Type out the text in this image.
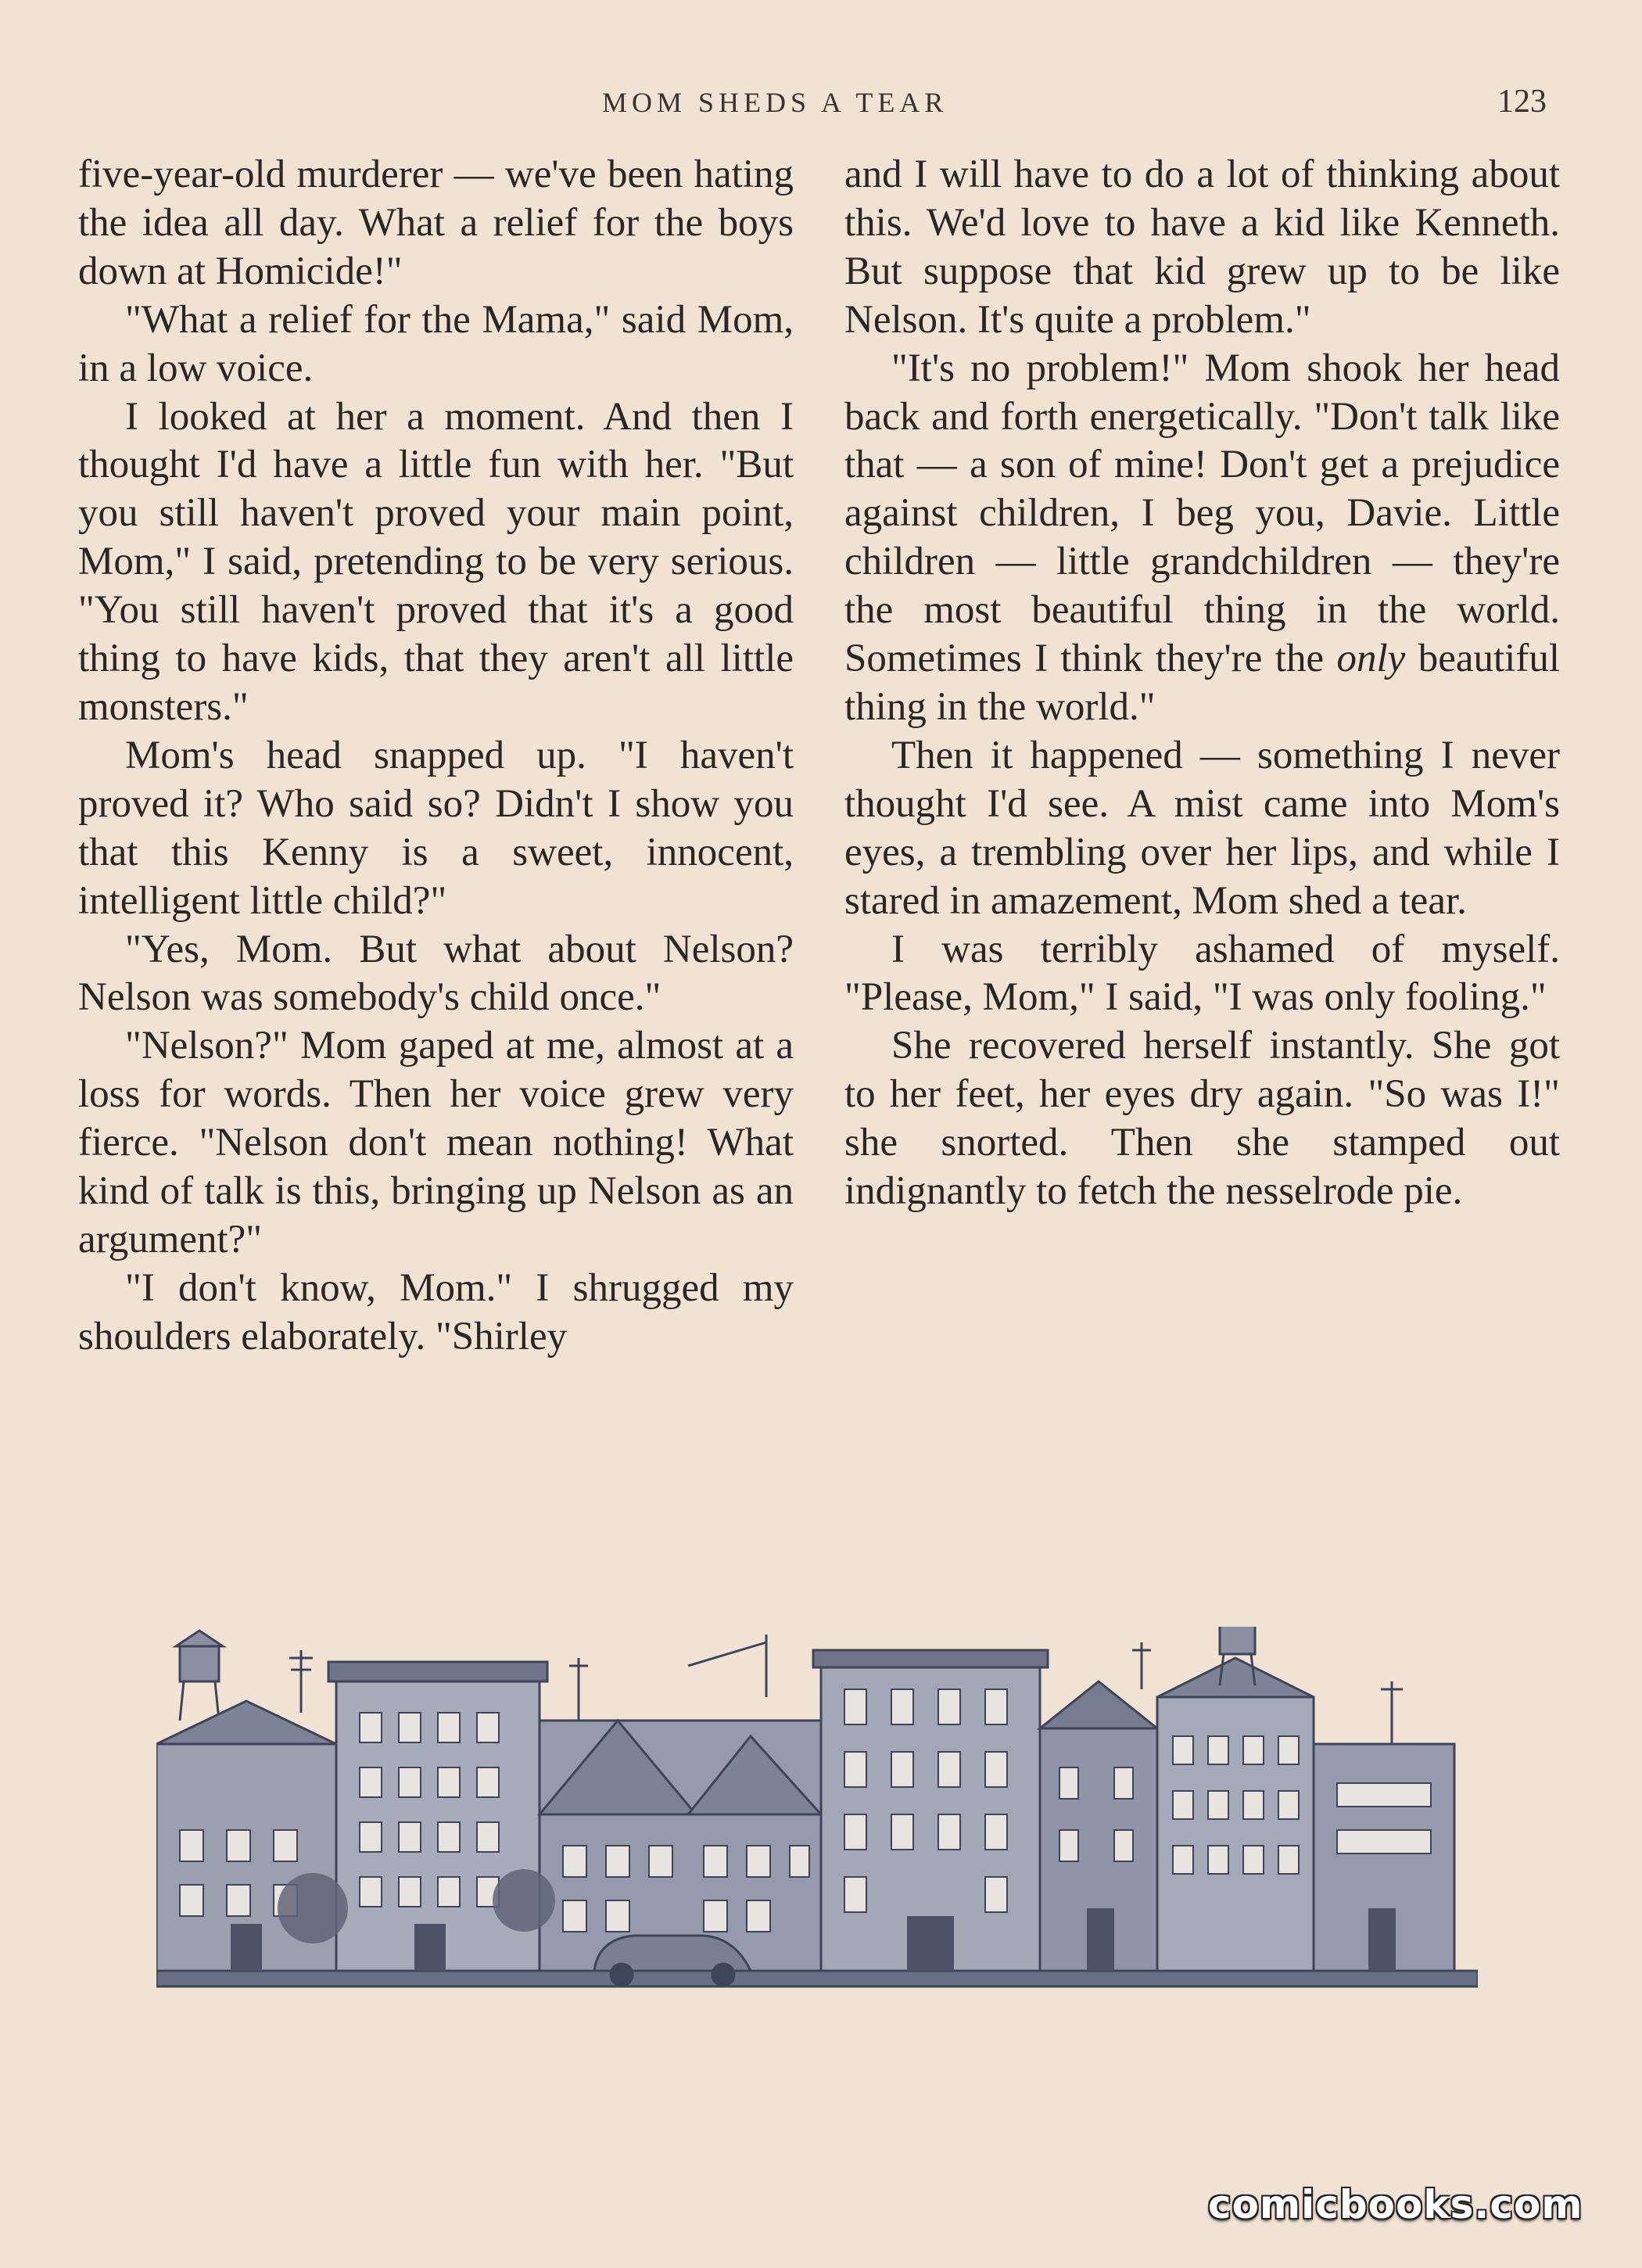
MOM SHEDS A TEAR	123

five-year-old murderer — we've been hating the idea all day. What a relief for the boys down at Homicide!"

"What a relief for the Mama," said Mom, in a low voice.

I looked at her a moment. And then I thought I'd have a little fun with her. "But you still haven't proved your main point, Mom," I said, pretending to be very serious. "You still haven't proved that it's a good thing to have kids, that they aren't all little monsters."

Mom's head snapped up. "I haven't proved it? Who said so? Didn't I show you that this Kenny is a sweet, innocent, intelligent little child?"

"Yes, Mom. But what about Nelson? Nelson was somebody's child once."

"Nelson?" Mom gaped at me, almost at a loss for words. Then her voice grew very fierce. "Nelson don't mean nothing! What kind of talk is this, bringing up Nelson as an argument?"

"I don't know, Mom." I shrugged my shoulders elaborately. "Shirley

and I will have to do a lot of thinking about this. We'd love to have a kid like Kenneth. But suppose that kid grew up to be like Nelson. It's quite a problem."

"It's no problem!" Mom shook her head back and forth energetically. "Don't talk like that — a son of mine! Don't get a prejudice against children, I beg you, Davie. Little children — little grandchildren — they're the most beautiful thing in the world. Sometimes I think they're the only beautiful thing in the world."

Then it happened — something I never thought I'd see. A mist came into Mom's eyes, a trembling over her lips, and while I stared in amazement, Mom shed a tear.

I was terribly ashamed of myself. "Please, Mom," I said, "I was only fooling."

She recovered herself instantly. She got to her feet, her eyes dry again. "So was I!" she snorted. Then she stamped out indignantly to fetch the nesselrode pie.

comicbooks.com
